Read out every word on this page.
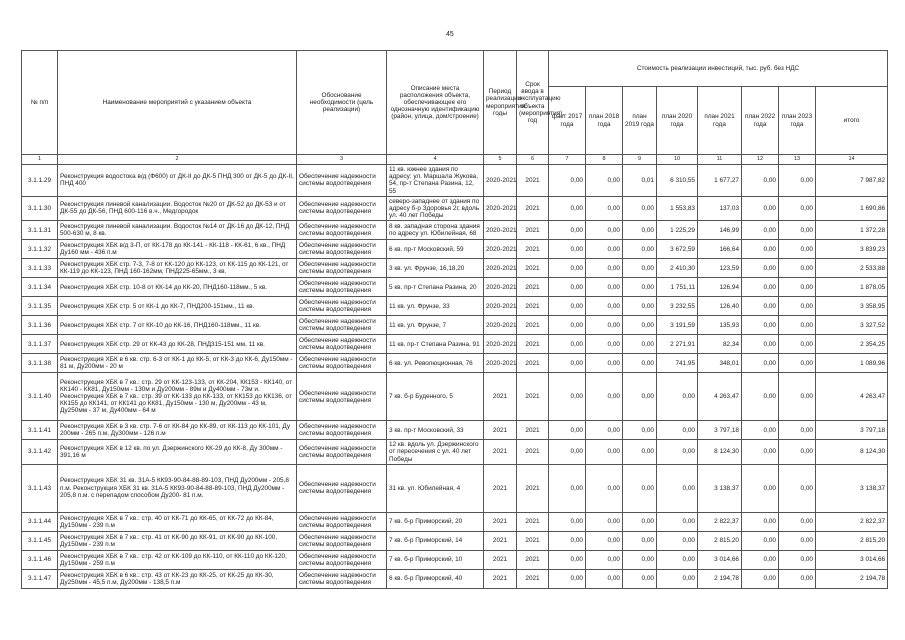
45
№ п/п	Наименование мероприятий с указанием объекта	Обоснование необходимости (цель реализации)	Описание места расположения объекта, обеспечивающее его однозначную идентификацию (район, улица, дом/строение)	Период реализации мероприятия, годы	Срок ввода в эксплуатацию объекта (мероприятия), год	Стоимость реализации инвестиций, тыс. руб. без НДС							
						факт 2017 года	план 2018 года	план 2019 года	план 2020 года	план 2021 года	план 2022 года	план 2023 года	итого
1	2	3	4	5	6	7	8	9	10	11	12	13	14
3.1.1.29	Реконструкция водостока в/д (Ф600) от ДК-II до ДК-5 ПНД 300 от ДК-5 до ДК-II, ПНД 400	Обеспечение надежности системы водоотведения	11 кв. южнее здания по адресу: ул. Маршала Жукова, 54, пр-т Степана Разина, 12, 55	2020-2021	2021	0,00	0,00	0,01	6 310,55	1 677,27	0,00	0,00	7 987,82
3.1.1.30	Реконструкция линевой канализации. Водосток №20 от ДК-52 до ДК-53 и от ДК-55 до ДК-56, ПНД 600-116 в.ч., Медгородок	Обеспечение надежности системы водоотведения	северо-западнее от здания по адресу б-р Здоровья 2г, вдоль ул. 40 лет Победы	2020-2021	2021	0,00	0,00	0,00	1 553,83	137,03	0,00	0,00	1 690,86
3.1.1.31	Реконструкция линевой канализации. Водосток №14 от ДК-16 до ДК-12, ПНД 500-630 м, 8 кв.	Обеспечение надежности системы водоотведения	8 кв. западная сторона здания по адресу ул. Юбилейная, 68	2020-2021	2021	0,00	0,00	0,00	1 225,29	146,99	0,00	0,00	1 372,28
3.1.1.32	Реконструкция ХБК в/д 3-П, от КК-178 до КК-141 - КК-118 - КК-61, 6 кв., ПНД Ду160 мм - 436 п.м	Обеспечение надежности системы водоотведения	6 кв. пр-т Московский, 59	2020-2021	2021	0,00	0,00	0,00	3 672,59	166,64	0,00	0,00	3 839,23
3.1.1.33	Реконструкция ХБК стр. 7-3, 7-8 от КК-120 до КК-123, от КК-115 до КК-121, от КК-119 до КК-123, ПНД 160-162мм, ПНД225-65мм., 3 кв.	Обеспечение надежности системы водоотведения	3 кв. ул. Фрунзе, 16,18,20	2020-2021	2021	0,00	0,00	0,00	2 410,30	123,59	0,00	0,00	2 533,88
3.1.1.34	Реконструкция ХБК стр. 10-8 от КК-14 до КК-20, ПНД160-118мм., 5 кв.	Обеспечение надежности системы водоотведения	5 кв. пр-т Степана Разина, 20	2020-2021	2021	0,00	0,00	0,00	1 751,11	126,94	0,00	0,00	1 878,05
3.1.1.35	Реконструкция ХБК стр. 5 от КК-1 до КК-7, ПНД200-151мм., 11 кв.	Обеспечение надежности системы водоотведения	11 кв. ул. Фрунзе, 33	2020-2021	2021	0,00	0,00	0,00	3 232,55	126,40	0,00	0,00	3 358,95
3.1.1.36	Реконструкция ХБК стр. 7 от КК-10 до КК-16, ПНД160-118мм., 11 кв.	Обеспечение надежности системы водоотведения	11 кв. ул. Фрунзе, 7	2020-2021	2021	0,00	0,00	0,00	3 191,59	135,93	0,00	0,00	3 327,52
3.1.1.37	Реконструкция ХБК стр. 29 от КК-43 до КК-28, ПНД315-151 мм, 11 кв.	Обеспечение надежности системы водоотведения	11 кв. пр-т Степана Разина, 91	2020-2021	2021	0,00	0,00	0,00	2 271,91	82,34	0,00	0,00	2 354,25
3.1.1.38	Реконструкция ХБК в 6 кв. стр. 6-3 от КК-1 до КК-5, от КК-3 до КК-6, Ду150мм - 81 м, Ду200мм - 20 м	Обеспечение надежности системы водоотведения	6 кв. ул. Революционная, 76	2020-2021	2021	0,00	0,00	0,00	741,95	348,01	0,00	0,00	1 089,96
3.1.1.40	Реконструкция ХБК в 7 кв.: стр. 29 от КК-123-133, от КК-204, КК153 - КК140, от КК140 - КК81, Ду150мм - 130м и Ду200мм - 89м и Ду400мм - 73м и. Реконструкция ХБК в 7 кв.: стр. 39 от КК-133 до КК-133, от КК153 до КК136, от КК155 до КК141, от КК141 до КК81, Ду150мм - 130 м, Ду200мм - 43 м, Ду250мм - 37 м, Ду400мм - 64 м	Обеспечение надежности системы водоотведения	7 кв. б-р Буденного, 5	2021	2021	0,00	0,00	0,00	0,00	4 263,47	0,00	0,00	4 263,47
3.1.1.41	Реконструкция ХБК в 3 кв. стр. 7-6 от КК-84 до КК-89, от КК-113 до КК-101, Ду 200мм - 265 п.м, Ду300мм - 126 п.м	Обеспечение надежности системы водоотведения	3 кв. пр-т Московский, 33	2021	2021	0,00	0,00	0,00	0,00	3 797,18	0,00	0,00	3 797,18
3.1.1.42	Реконструкция ХБК в 12 кв. по ул. Дзержинского КК-29 до КК-8, Ду 300мм - 391,16 м	Обеспечение надежности системы водоотведения	12 кв. вдоль ул. Дзержинского от пересечения с ул. 40 лет Победы	2021	2021	0,00	0,00	0,00	0,00	8 124,30	0,00	0,00	8 124,30
3.1.1.43	Реконструкция ХБК 31 кв. 31А-5 КК93-90-84-88-89-103, ПНД Ду200мм - 205,8 п.м. Реконструкция ХБК 31 кв. 31А-5 КК93-90-84-88-89-103, ПНД Ду200мм - 205,8 п.м. с перепадом способом Ду200- 81 п.м.	Обеспечение надежности системы водоотведения	31 кв. ул. Юбилейная, 4	2021	2021	0,00	0,00	0,00	0,00	3 138,37	0,00	0,00	3 138,37
3.1.1.44	Реконструкция ХБК в 7 кв.: стр. 40 от КК-71 до КК-65, от КК-72 до КК-84, Ду150мм - 239 п.м	Обеспечение надежности системы водоотведения	7 кв. б-р Приморский, 20	2021	2021	0,00	0,00	0,00	0,00	2 822,37	0,00	0,00	2 822,37
3.1.1.45	Реконструкция ХБК в 7 кв.: стр. 41 от КК-90 до КК-91, от КК-90 до КК-100, Ду150мм - 239 п.м	Обеспечение надежности системы водоотведения	7 кв. б-р Приморский, 14	2021	2021	0,00	0,00	0,00	0,00	2 815,20	0,00	0,00	2 815,20
3.1.1.46	Реконструкция ХБК в 7 кв.: стр. 42 от КК-109 до КК-110, от КК-110 до КК-120, Ду150мм - 259 п.м	Обеспечение надежности системы водоотведения	7 кв. б-р Приморский, 10	2021	2021	0,00	0,00	0,00	0,00	3 014,66	0,00	0,00	3 014,66
3.1.1.47	Реконструкция ХБК в 6 кв.: стр. 43 от КК-23 до КК-25, от КК-25 до КК-30, Ду250мм - 45,5 п.м, Ду200мм - 138,5 п.м	Обеспечение надежности системы водоотведения	6 кв. б-р Приморский, 40	2021	2021	0,00	0,00	0,00	0,00	2 194,78	0,00	0,00	2 194,78
